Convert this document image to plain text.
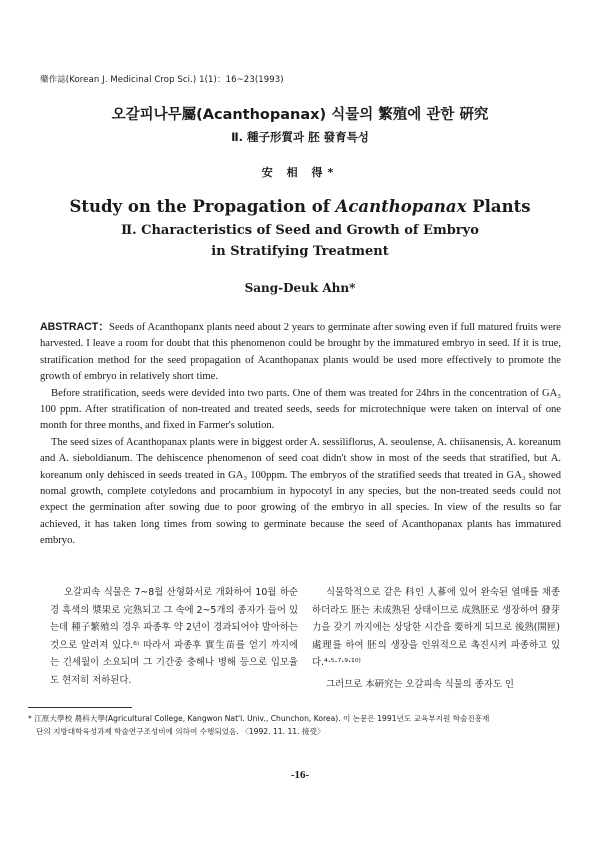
藥作誌(Korean J. Medicinal Crop Sci.) 1(1)：16~23(1993)
오갈피나무屬(Acanthopanax) 식물의 繁殖에 관한 硏究
Ⅱ. 種子形質과 胚 發育특성
安 相 得*
Study on the Propagation of Acanthopanax Plants
Ⅱ. Characteristics of Seed and Growth of Embryo
in Stratifying Treatment
Sang-Deuk Ahn*

ABSTRACT：Seeds of Acanthopanx plants need about 2 years to germinate after sowing even if full matured fruits were harvested. I leave a room for doubt that this phenomenon could be brought by the immatured embryo in seed. If it is true, stratification method for the seed propagation of Acanthopanax plants would be used more effectively to promote the growth of embryo in relatively short time.

Before stratification, seeds were devided into two parts. One of them was treated for 24hrs in the concentration of GA₃ 100 ppm. After stratification of non-treated and treated seeds, seeds for microtechnique were taken on interval of one month for three months, and fixed in Farmer's solution.

The seed sizes of Acanthopanax plants were in biggest order A. sessiliflorus, A. seoulense, A. chiisanensis, A. koreanum and A. sieboldianum. The dehiscence phenomenon of seed coat didn't show in most of the seeds that stratified, but A. koreanum only dehisced in seeds treated in GA₃ 100ppm. The embryos of the stratified seeds that treated in GA₃ showed nomal growth, complete cotyledons and procambium in hypocotyl in any species, but the non-treated seeds could not expect the germination after sowing due to poor growing of the embryo in all species. In view of the results so far achieved, it has taken long times from sowing to germinate because the seed of Acanthopanax plants has immatured embryo.

오갈피속 식물은 7~8월 산형화서로 개화하여 10월 하순경 흑색의 漿果로 完熟되고 그 속에 2~5개의 종자가 들어 있는데 種子繁殖의 경우 파종후 약 2년이 경과되어야 발아하는 것으로 알려져 있다.⁶⁾ 따라서 파종후 實生苗를 얻기 까지에는 긴세월이 소요되며 그 기간중 충해나 병해 등으로 입모율도 현저히 저하된다.

식물학적으로 같은 科인 人蔘에 있어 완숙된 열매를 채종하더라도 胚는 未成熟된 상태이므로 成熟胚로 생장하여 發芽力을 갖기 까지에는 상당한 시간을 要하게 되므로 後熟(開匣)處理를 하여 胚의 생장을 인위적으로 촉진시켜 파종하고 있다.⁴·⁵·⁷·⁹·¹⁰⁾

그러므로 本硏究는 오갈피속 식물의 종자도 인

* 江原大學校 農科大學(Agricultural College, Kangwon Nat'l. Univ., Chunchon, Korea). 이 논문은 1991년도 교육부지원 학술진흥재
단의 지방대학육성과제 학술연구조성비에 의하여 수행되었음. 〈1992. 11. 11. 接受〉
-16-
